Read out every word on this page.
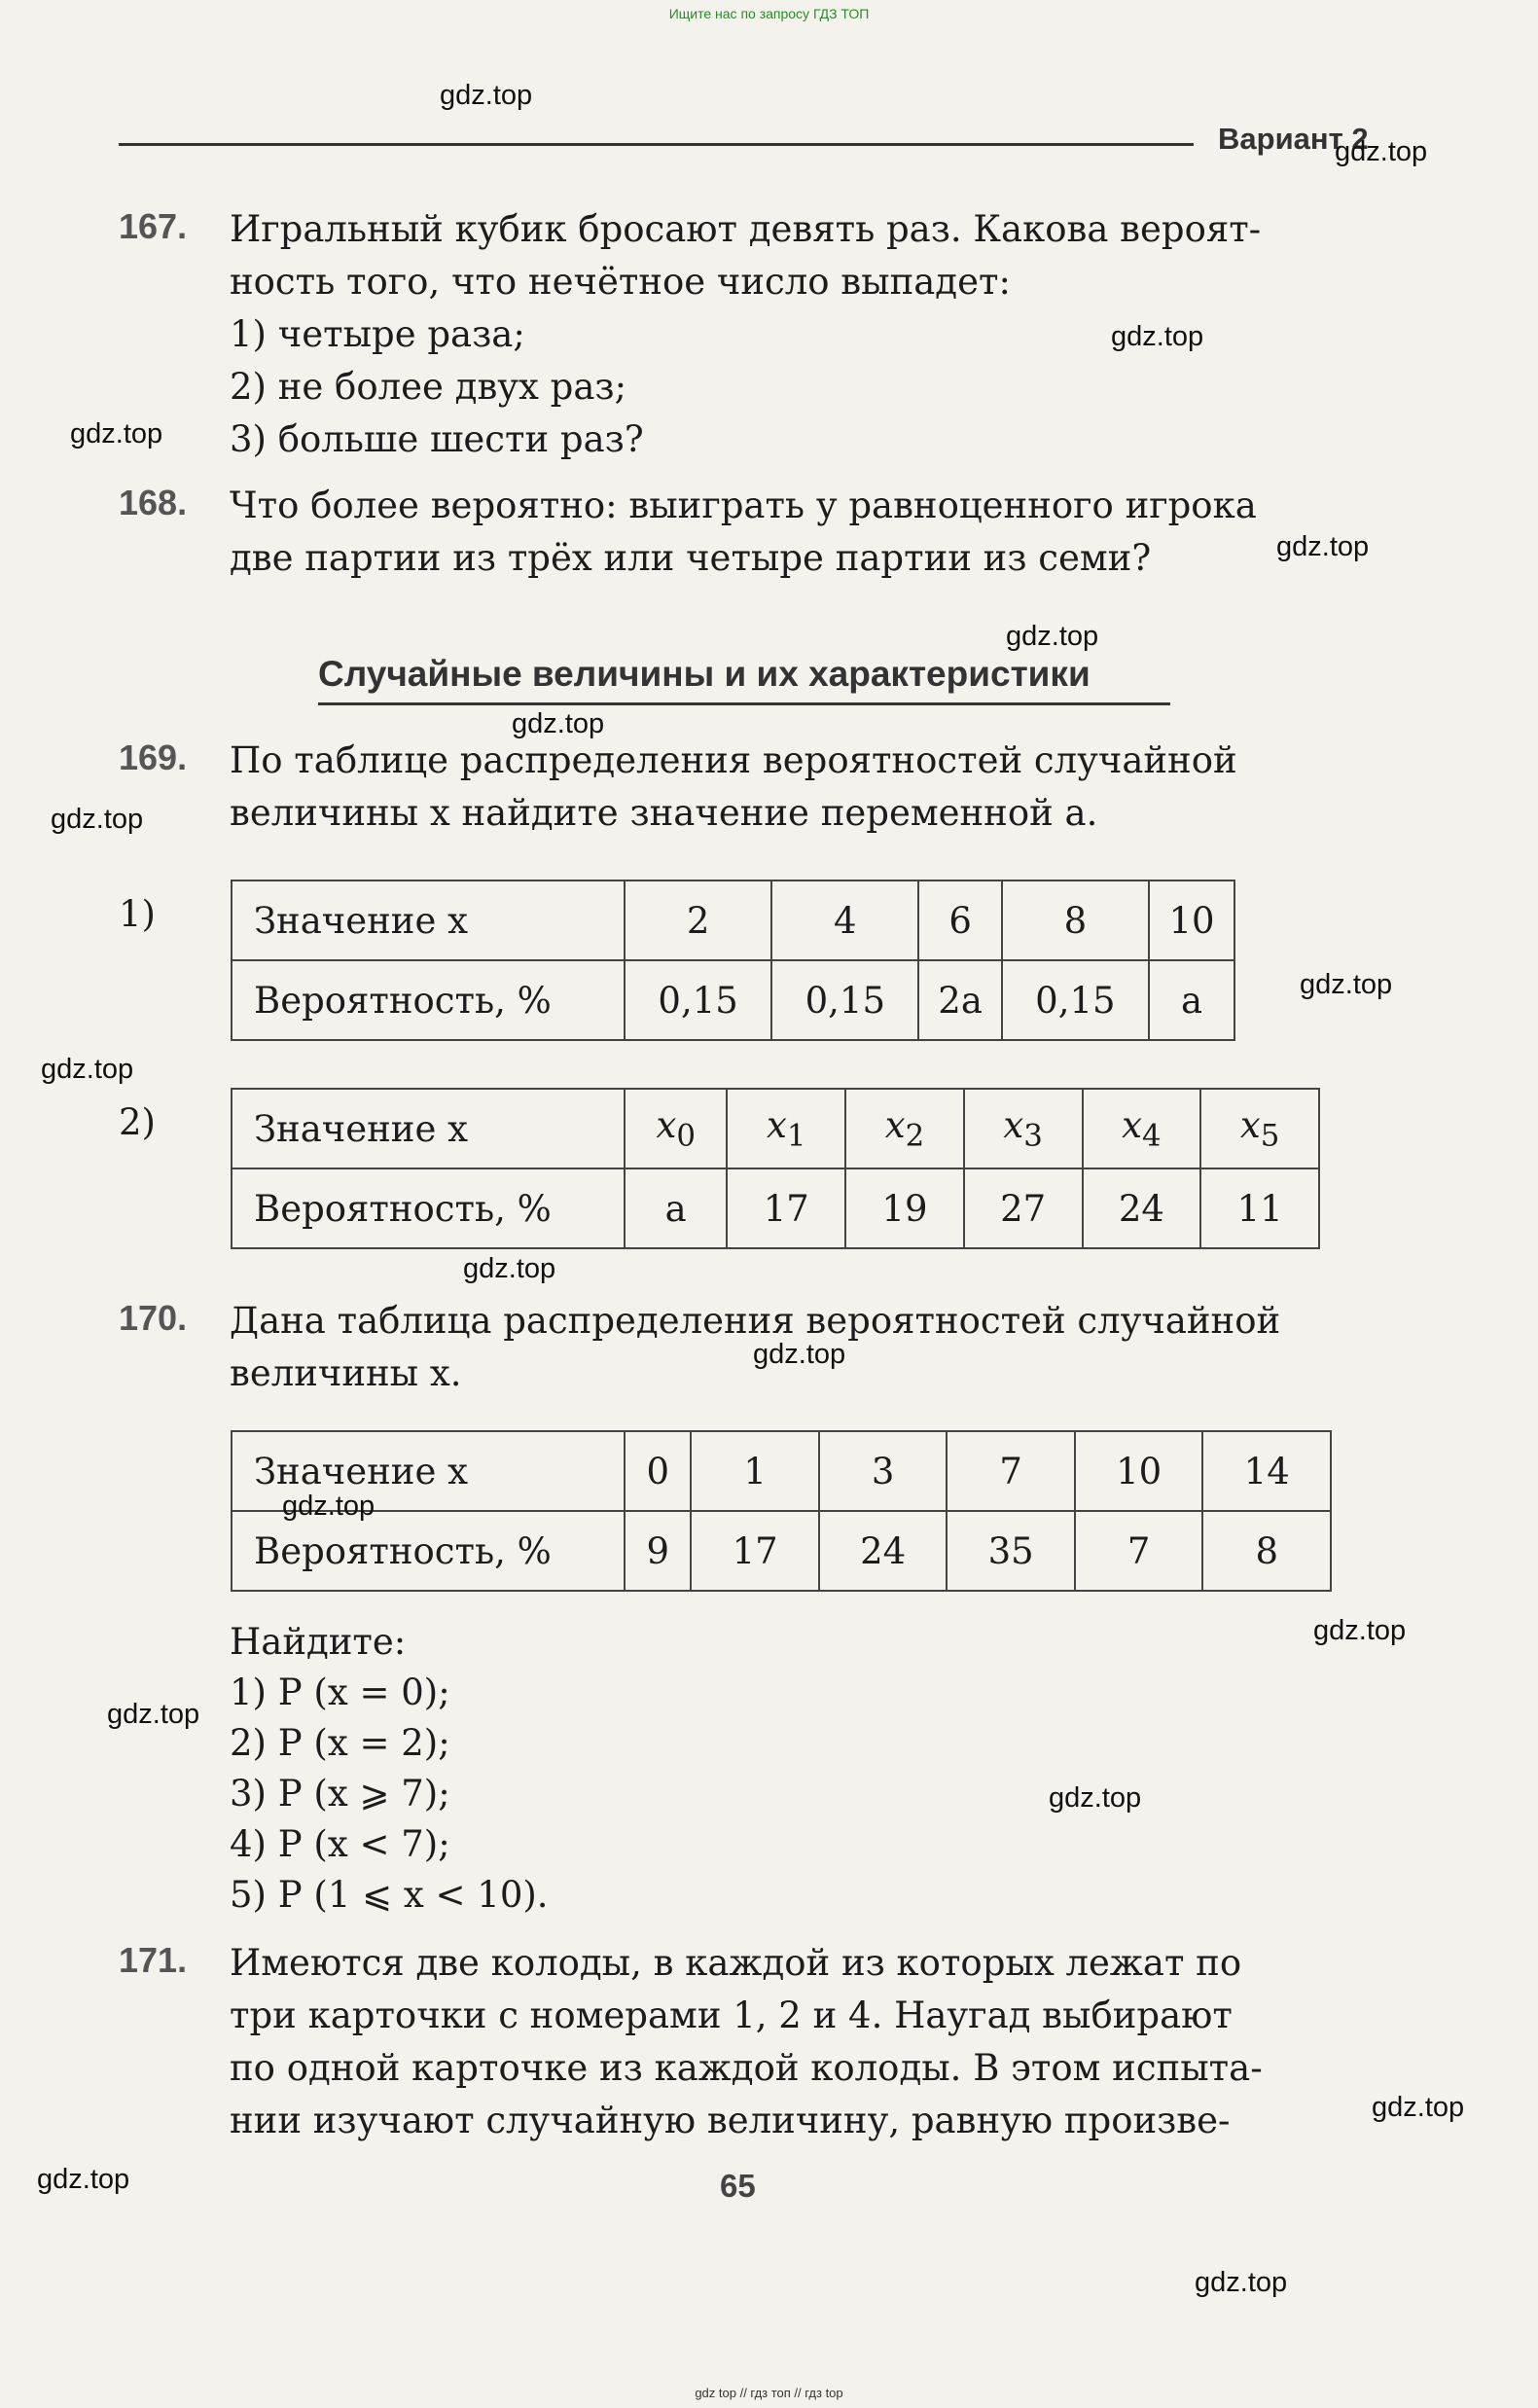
Ищите нас по запросу ГДЗ ТОП
Вариант 2
167. Игральный кубик бросают девять раз. Какова вероят-
ность того, что нечётное число выпадет:
1) четыре раза;
2) не более двух раз;
3) больше шести раз?
168. Что более вероятно: выиграть у равноценного игрока
две партии из трёх или четыре партии из семи?
Случайные величины и их характеристики
169. По таблице распределения вероятностей случайной
величины x найдите значение переменной a.
1)	Значение x	2	4	6	8	10
Вероятность, %	0,15	0,15	2a	0,15	a
2)	Значение x	$x_0$	$x_1$	$x_2$	$x_3$	$x_4$	$x_5$
Вероятность, %	a	17	19	27	24	11
170. Дана таблица распределения вероятностей случайной
величины x.
Значение x	0	1	3	7	10	14
Вероятность, %	9	17	24	35	7	8
Найдите:
1) P (x = 0);
2) P (x = 2);
3) P (x ⩾ 7);
4) P (x < 7);
5) P (1 ⩽ x < 10).
171. Имеются две колоды, в каждой из которых лежат по
три карточки с номерами 1, 2 и 4. Наугад выбирают
по одной карточке из каждой колоды. В этом испыта-
нии изучают случайную величину, равную произве-
65
gdz.top
gdz.top
gdz.top
gdz.top
gdz.top
gdz.top
gdz.top
gdz.top
gdz.top
gdz.top
gdz.top
gdz.top
gdz.top
gdz.top
gdz.top
gdz.top
gdz.top
gdz.top
gdz.top
gdz top // гдз топ // гдз top
